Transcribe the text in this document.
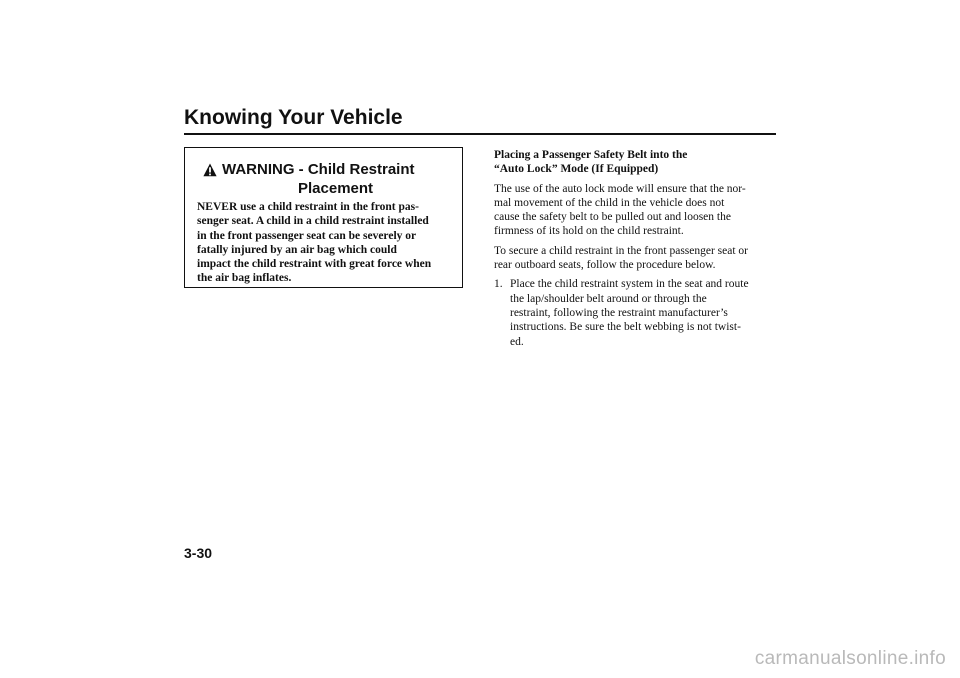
Knowing Your Vehicle
WARNING - Child Restraint
Placement
NEVER use a child restraint in the front pas-
senger seat. A child in a child restraint installed
in the front passenger seat can be severely or
fatally injured by an air bag which could
impact the child restraint with great force when
the air bag inflates.
Placing a Passenger Safety Belt into the
“Auto Lock” Mode (If Equipped)
The use of the auto lock mode will ensure that the nor-
mal movement of the child in the vehicle does not
cause the safety belt to be pulled out and loosen the
firmness of its hold on the child restraint.
To secure a child restraint in the front passenger seat or
rear outboard seats, follow the procedure below.
1. Place the child restraint system in the seat and route
the lap/shoulder belt around or through the
restraint, following the restraint manufacturer’s
instructions. Be sure the belt webbing is not twist-
ed.
3-30
carmanualsonline.info
